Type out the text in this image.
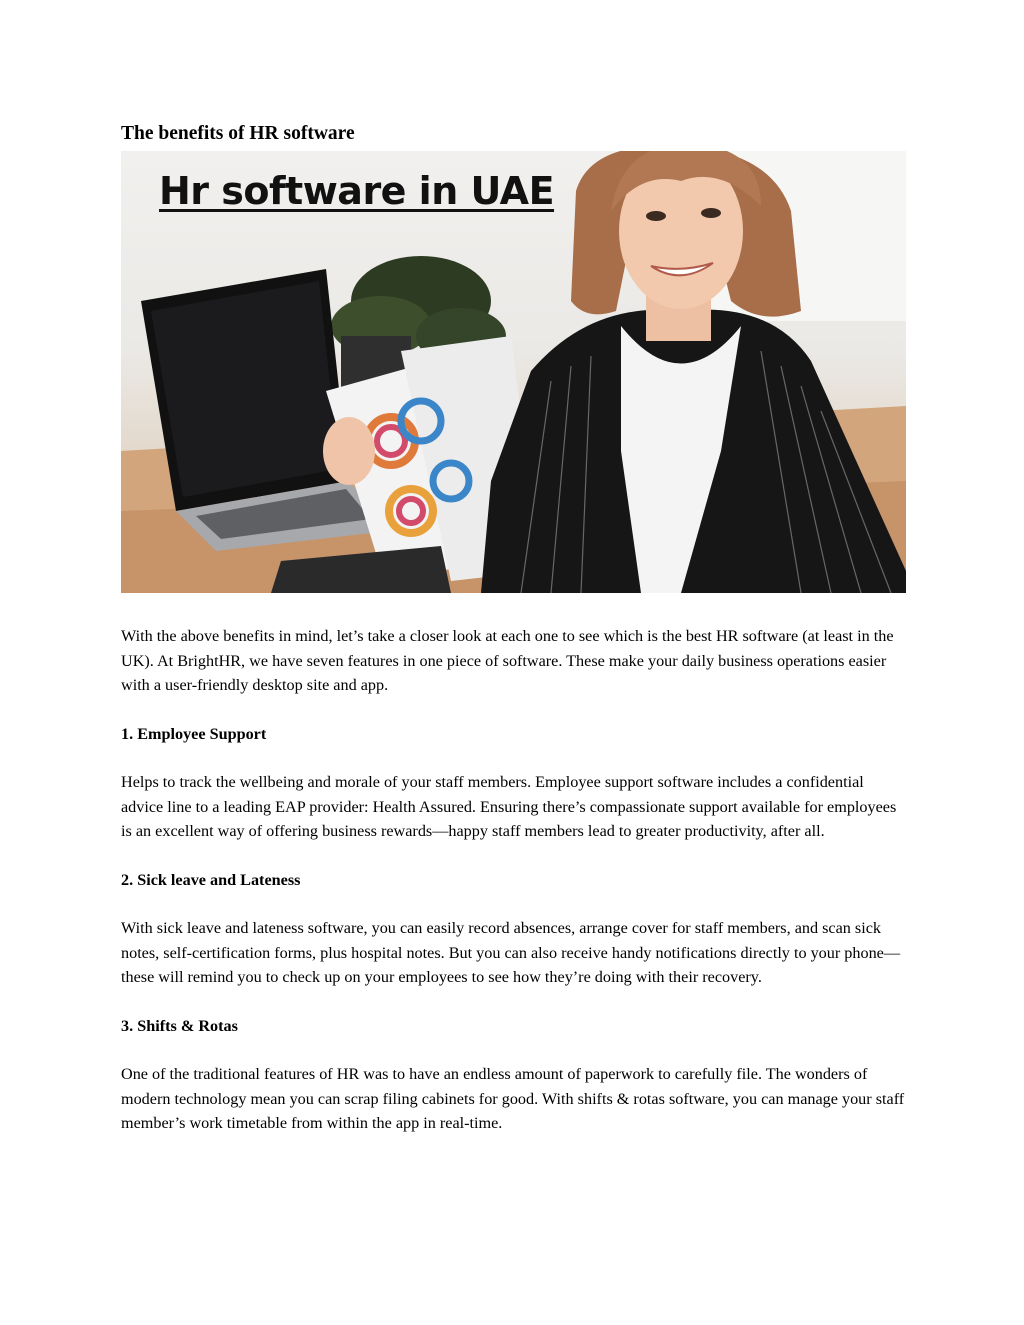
The benefits of HR software
Hr software in UAE

With the above benefits in mind, let’s take a closer look at each one to see which is the best HR software (at least in the UK). At BrightHR, we have seven features in one piece of software. These make your daily business operations easier with a user-friendly desktop site and app.

1. Employee Support

Helps to track the wellbeing and morale of your staff members. Employee support software includes a confidential advice line to a leading EAP provider: Health Assured. Ensuring there’s compassionate support available for employees is an excellent way of offering business rewards—happy staff members lead to greater productivity, after all.

2. Sick leave and Lateness

With sick leave and lateness software, you can easily record absences, arrange cover for staff members, and scan sick notes, self-certification forms, plus hospital notes. But you can also receive handy notifications directly to your phone—these will remind you to check up on your employees to see how they’re doing with their recovery.

3. Shifts & Rotas

One of the traditional features of HR was to have an endless amount of paperwork to carefully file. The wonders of modern technology mean you can scrap filing cabinets for good. With shifts & rotas software, you can manage your staff member’s work timetable from within the app in real-time.
